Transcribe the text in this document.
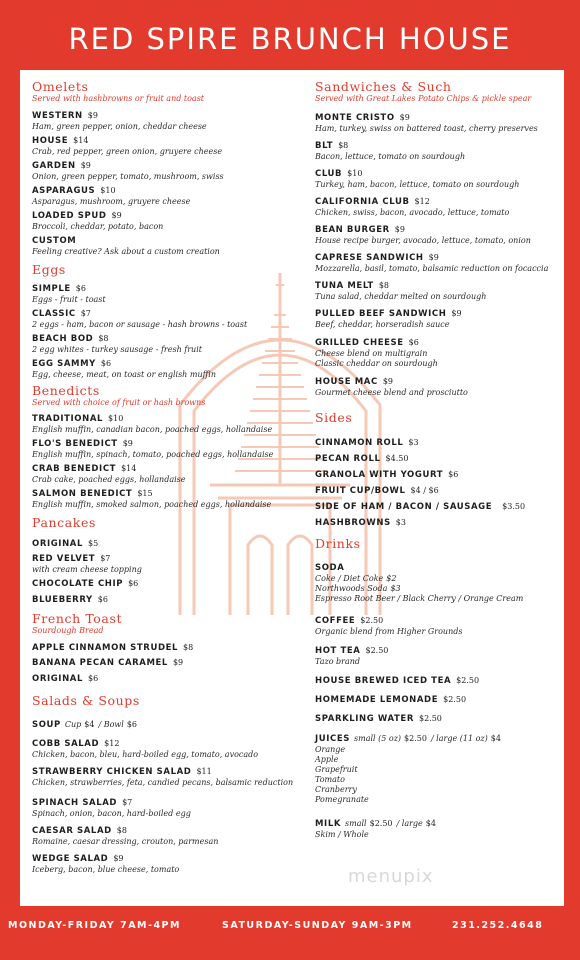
RED SPIRE BRUNCH HOUSE
Omelets
Served with hashbrowns or fruit and toast
WESTERN $9
Ham, green pepper, onion, cheddar cheese
HOUSE $14
Crab, red pepper, green onion, gruyere cheese
GARDEN $9
Onion, green pepper, tomato, mushroom, swiss
ASPARAGUS $10
Asparagus, mushroom, gruyere cheese
LOADED SPUD $9
Broccoli, cheddar, potato, bacon
CUSTOM
Feeling creative? Ask about a custom creation
Eggs
SIMPLE $6
Eggs - fruit - toast
CLASSIC $7
2 eggs - ham, bacon or sausage - hash browns - toast
BEACH BOD $8
2 egg whites - turkey sausage - fresh fruit
EGG SAMMY $6
Egg, cheese, meat, on toast or english muffin
Benedicts
Served with choice of fruit or hash browns
TRADITIONAL $10
English muffin, canadian bacon, poached eggs, hollandaise
FLO'S BENEDICT $9
English muffin, spinach, tomato, poached eggs, hollandaise
CRAB BENEDICT $14
Crab cake, poached eggs, hollandaise
SALMON BENEDICT $15
English muffin, smoked salmon, poached eggs, hollandaise
Pancakes
ORIGINAL $5
RED VELVET $7
with cream cheese topping
CHOCOLATE CHIP $6
BLUEBERRY $6
French Toast
Sourdough Bread
APPLE CINNAMON STRUDEL $8
BANANA PECAN CARAMEL $9
ORIGINAL $6
Salads & Soups
SOUP Cup $4 / Bowl $6
COBB SALAD $12
Chicken, bacon, bleu, hard-boiled egg, tomato, avocado
STRAWBERRY CHICKEN SALAD $11
Chicken, strawberries, feta, candied pecans, balsamic reduction
SPINACH SALAD $7
Spinach, onion, bacon, hard-boiled egg
CAESAR SALAD $8
Romaine, caesar dressing, crouton, parmesan
WEDGE SALAD $9
Iceberg, bacon, blue cheese, tomato
Sandwiches & Such
Served with Great Lakes Potato Chips & pickle spear
MONTE CRISTO $9
Ham, turkey, swiss on battered toast, cherry preserves
BLT $8
Bacon, lettuce, tomato on sourdough
CLUB $10
Turkey, ham, bacon, lettuce, tomato on sourdough
CALIFORNIA CLUB $12
Chicken, swiss, bacon, avocado, lettuce, tomato
BEAN BURGER $9
House recipe burger, avocado, lettuce, tomato, onion
CAPRESE SANDWICH $9
Mozzarella, basil, tomato, balsamic reduction on focaccia
TUNA MELT $8
Tuna salad, cheddar melted on sourdough
PULLED BEEF SANDWICH $9
Beef, cheddar, horseradish sauce
GRILLED CHEESE $6
Cheese blend on multigrain
Classic cheddar on sourdough
HOUSE MAC $9
Gourmet cheese blend and prosciutto
Sides
CINNAMON ROLL $3
PECAN ROLL $4.50
GRANOLA WITH YOGURT $6
FRUIT CUP/BOWL $4 / $6
SIDE OF HAM / BACON / SAUSAGE $3.50
HASHBROWNS $3
Drinks
SODA
Coke / Diet Coke $2
Northwoods Soda $3
Espresso Root Beer / Black Cherry / Orange Cream
COFFEE $2.50
Organic blend from Higher Grounds
HOT TEA $2.50
Tazo brand
HOUSE BREWED ICED TEA $2.50
HOMEMADE LEMONADE $2.50
SPARKLING WATER $2.50
JUICES small (5 oz) $2.50 / large (11 oz) $4
Orange
Apple
Grapefruit
Tomato
Cranberry
Pomegranate
MILK small $2.50 / large $4
Skim / Whole
menupix
MONDAY-FRIDAY 7AM-4PM	SATURDAY-SUNDAY 9AM-3PM	231.252.4648
